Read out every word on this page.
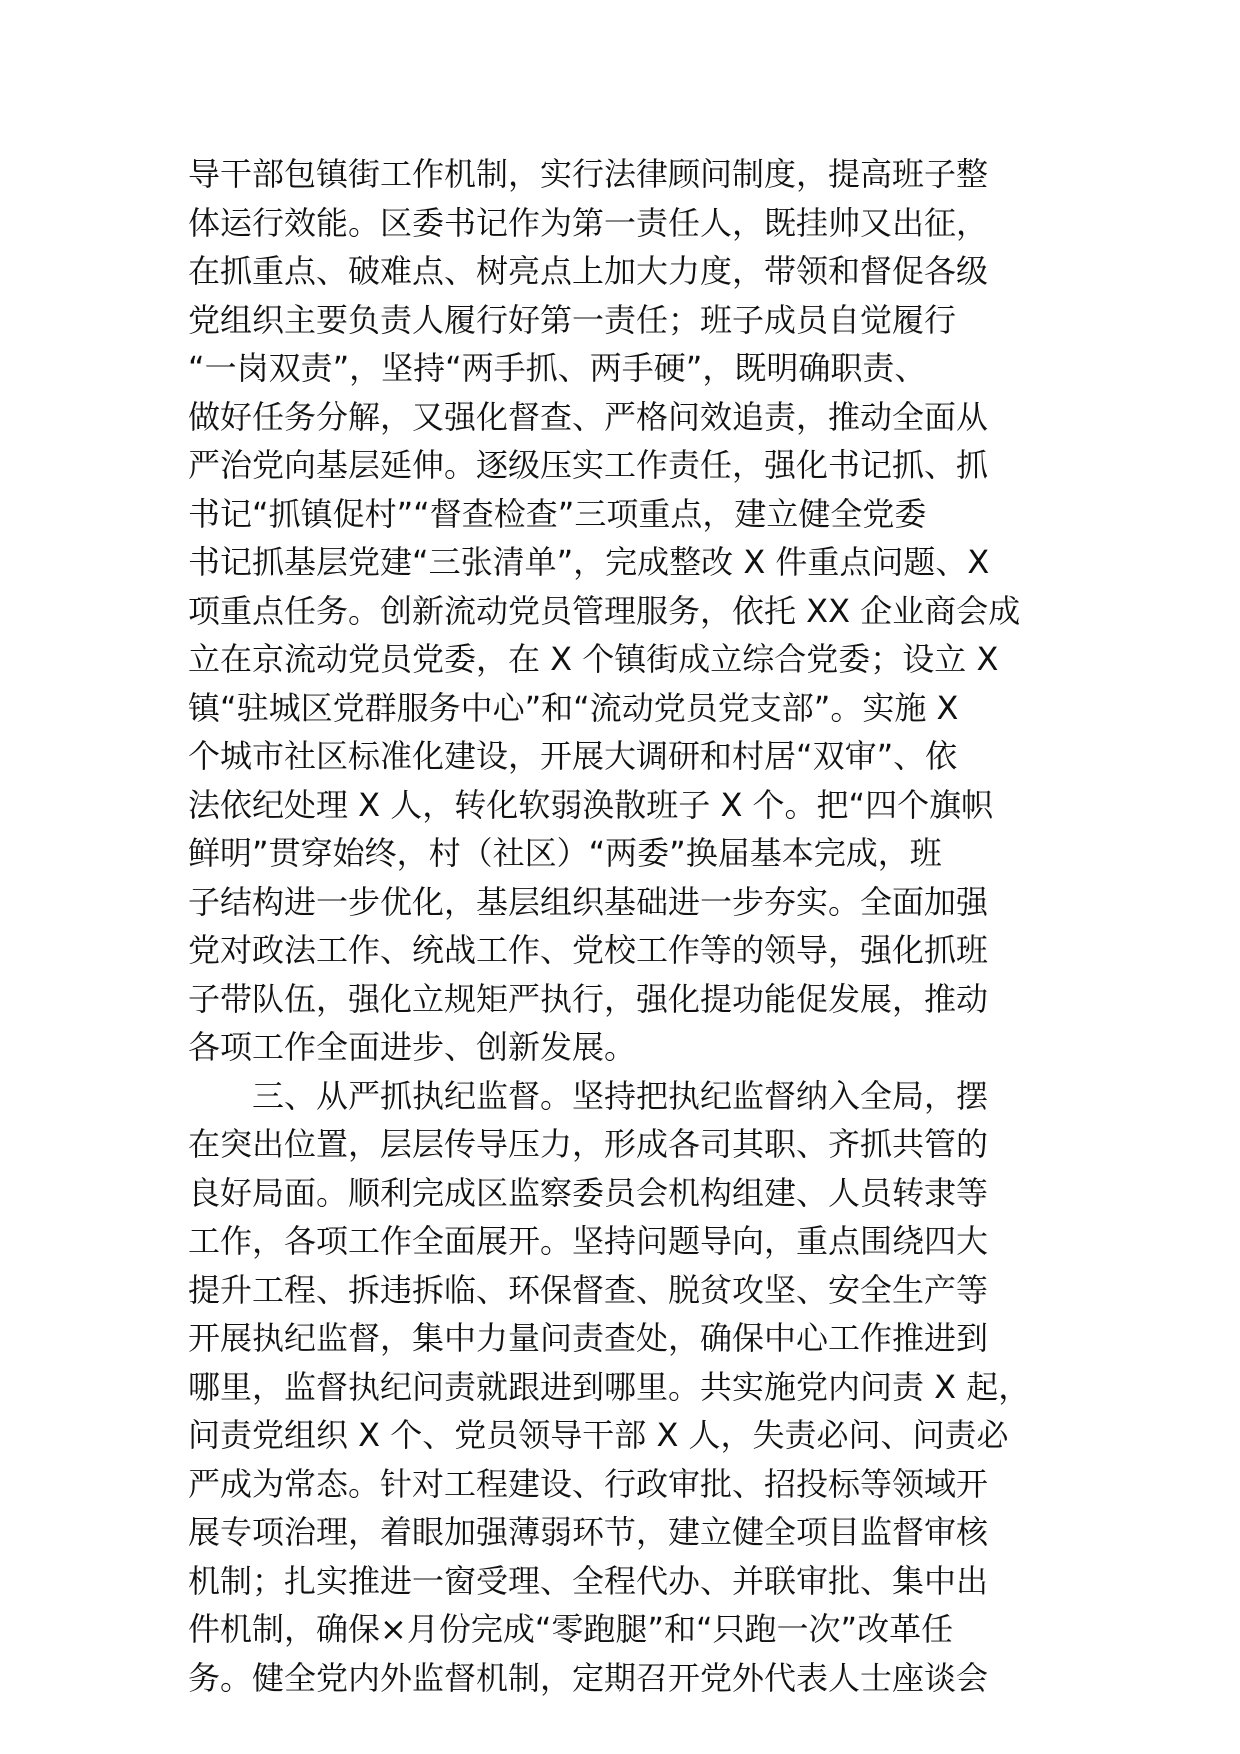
导干部包镇街工作机制，实行法律顾问制度，提高班子整
体运行效能。区委书记作为第一责任人，既挂帅又出征，
在抓重点、破难点、树亮点上加大力度，带领和督促各级
党组织主要负责人履行好第一责任；班子成员自觉履行
“一岗双责”，坚持“两手抓、两手硬”，既明确职责、
做好任务分解，又强化督查、严格问效追责，推动全面从
严治党向基层延伸。逐级压实工作责任，强化书记抓、抓
书记“抓镇促村”“督查检查”三项重点，建立健全党委
书记抓基层党建“三张清单”，完成整改 X 件重点问题、X
项重点任务。创新流动党员管理服务，依托 XX 企业商会成
立在京流动党员党委，在 X 个镇街成立综合党委；设立 X
镇“驻城区党群服务中心”和“流动党员党支部”。实施 X
个城市社区标准化建设，开展大调研和村居“双审”、依
法依纪处理 X 人，转化软弱涣散班子 X 个。把“四个旗帜
鲜明”贯穿始终，村（社区）“两委”换届基本完成，班
子结构进一步优化，基层组织基础进一步夯实。全面加强
党对政法工作、统战工作、党校工作等的领导，强化抓班
子带队伍，强化立规矩严执行，强化提功能促发展，推动
各项工作全面进步、创新发展。
三、从严抓执纪监督。坚持把执纪监督纳入全局，摆
在突出位置，层层传导压力，形成各司其职、齐抓共管的
良好局面。顺利完成区监察委员会机构组建、人员转隶等
工作，各项工作全面展开。坚持问题导向，重点围绕四大
提升工程、拆违拆临、环保督查、脱贫攻坚、安全生产等
开展执纪监督，集中力量问责查处，确保中心工作推进到
哪里，监督执纪问责就跟进到哪里。共实施党内问责 X 起，
问责党组织 X 个、党员领导干部 X 人，失责必问、问责必
严成为常态。针对工程建设、行政审批、招投标等领域开
展专项治理，着眼加强薄弱环节，建立健全项目监督审核
机制；扎实推进一窗受理、全程代办、并联审批、集中出
件机制，确保×月份完成“零跑腿”和“只跑一次”改革任
务。健全党内外监督机制，定期召开党外代表人士座谈会
